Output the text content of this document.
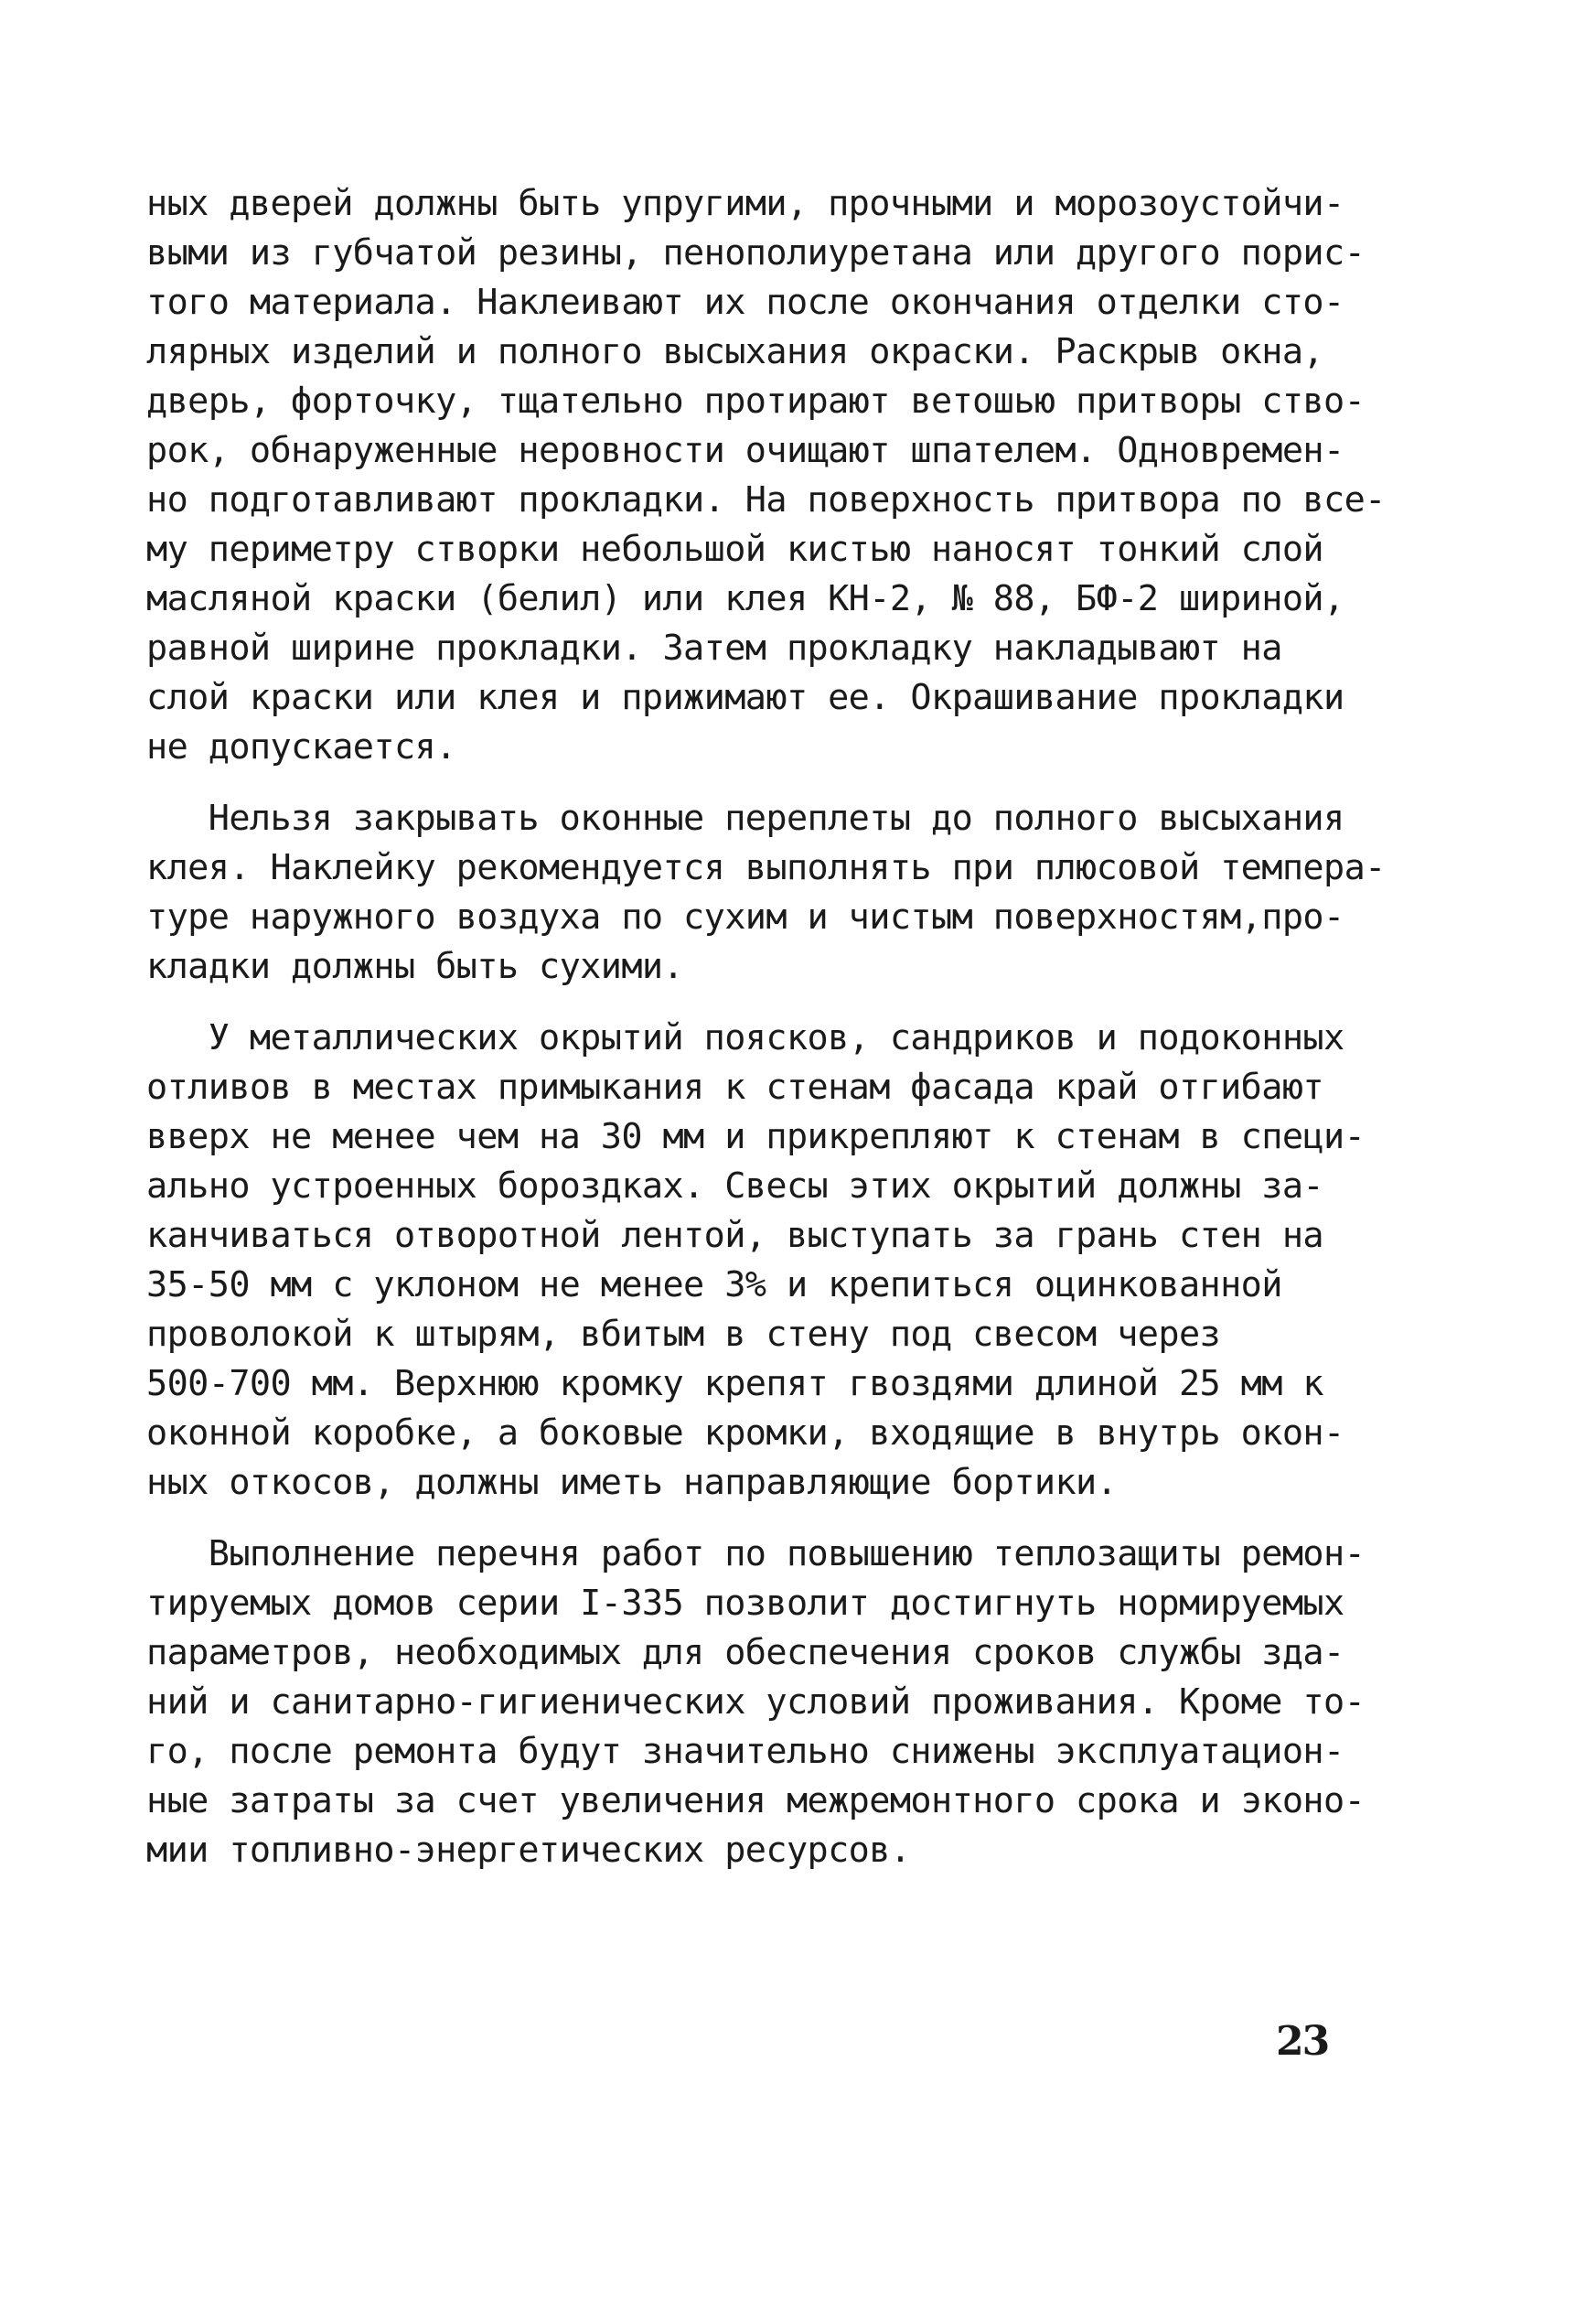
ных дверей должны быть упругими, прочными и морозоустойчи-
выми из губчатой резины, пенополиуретана или другого порис-
того материала. Наклеивают их после окончания отделки сто-
лярных изделий и полного высыхания окраски. Раскрыв окна,
дверь, форточку, тщательно протирают ветошью притворы ство-
рок, обнаруженные неровности очищают шпателем. Одновремен-
но подготавливают прокладки. На поверхность притвора по все-
му периметру створки небольшой кистью наносят тонкий слой
масляной краски (белил) или клея КН-2, № 88, БФ-2 шириной,
равной ширине прокладки. Затем прокладку накладывают на
слой краски или клея и прижимают ее. Окрашивание прокладки
не допускается.
Нельзя закрывать оконные переплеты до полного высыхания
клея. Наклейку рекомендуется выполнять при плюсовой темпера-
туре наружного воздуха по сухим и чистым поверхностям,про-
кладки должны быть сухими.
У металлических окрытий поясков, сандриков и подоконных
отливов в местах примыкания к стенам фасада край отгибают
вверх не менее чем на 30 мм и прикрепляют к стенам в специ-
ально устроенных бороздках. Свесы этих окрытий должны за-
канчиваться отворотной лентой, выступать за грань стен на
35-50 мм с уклоном не менее 3% и крепиться оцинкованной
проволокой к штырям, вбитым в стену под свесом через
500-700 мм. Верхнюю кромку крепят гвоздями длиной 25 мм к
оконной коробке, а боковые кромки, входящие в внутрь окон-
ных откосов, должны иметь направляющие бортики.
Выполнение перечня работ по повышению теплозащиты ремон-
тируемых домов серии I-335 позволит достигнуть нормируемых
параметров, необходимых для обеспечения сроков службы зда-
ний и санитарно-гигиенических условий проживания. Кроме то-
го, после ремонта будут значительно снижены эксплуатацион-
ные затраты за счет увеличения межремонтного срока и эконо-
мии топливно-энергетических ресурсов.
23
